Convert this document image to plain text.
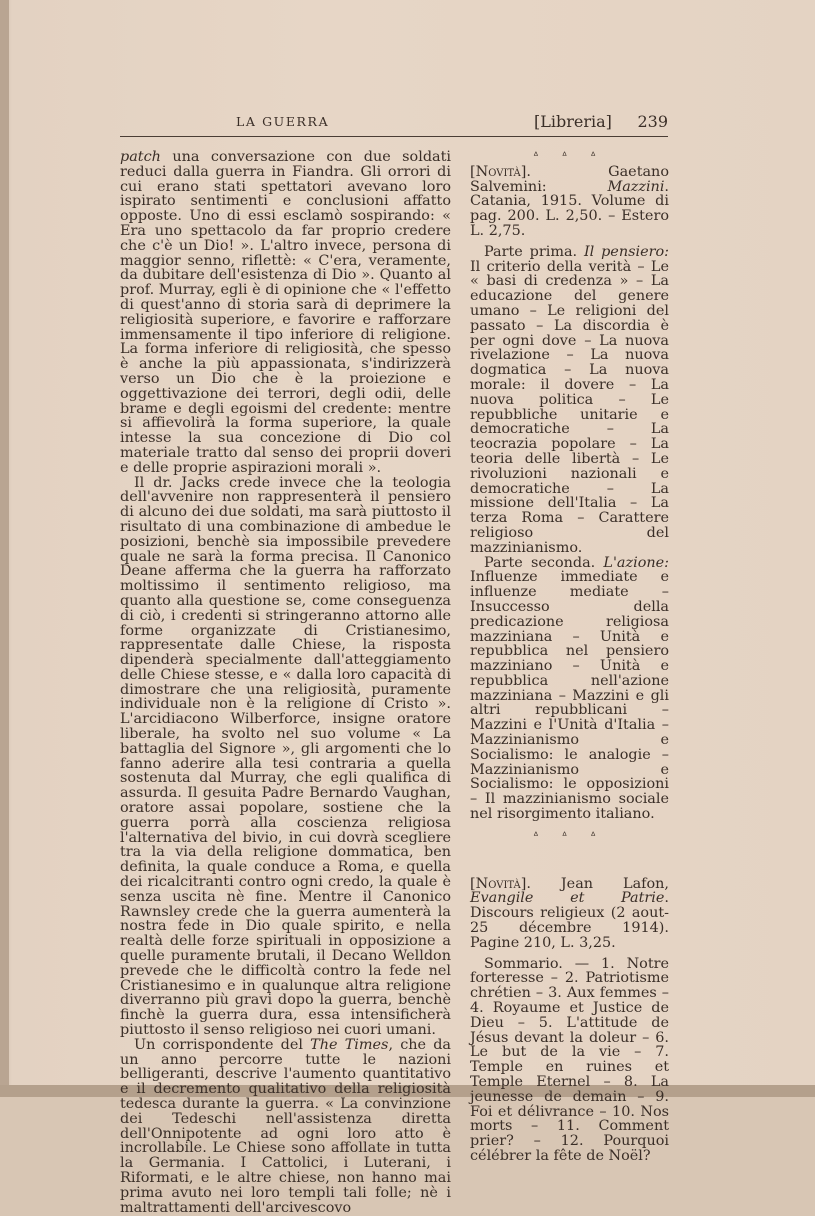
LA GUERRA	[Libreria] 239

patch una conversazione con due soldati reduci dalla guerra in Fiandra. Gli orrori di cui erano stati spettatori avevano loro ispirato sentimenti e conclusioni affatto opposte. Uno di essi esclamò sospirando: « Era uno spettacolo da far proprio credere che c'è un Dio! ». L'altro invece, persona di maggior senno, riflettè: « C'era, veramente, da dubitare dell'esistenza di Dio ». Quanto al prof. Murray, egli è di opinione che « l'effetto di quest'anno di storia sarà di deprimere la religiosità superiore, e favorire e rafforzare immensamente il tipo inferiore di religione. La forma inferiore di religiosità, che spesso è anche la più appassionata, s'indirizzerà verso un Dio che è la proiezione e oggettivazione dei terrori, degli odii, delle brame e degli egoismi del credente: mentre si affievolirà la forma superiore, la quale intesse la sua concezione di Dio col materiale tratto dal senso dei proprii doveri e delle proprie aspirazioni morali ».

Il dr. Jacks crede invece che la teologia dell'avvenire non rappresenterà il pensiero di alcuno dei due soldati, ma sarà piuttosto il risultato di una combinazione di ambedue le posizioni, benchè sia impossibile prevedere quale ne sarà la forma precisa. Il Canonico Deane afferma che la guerra ha rafforzato moltissimo il sentimento religioso, ma quanto alla questione se, come conseguenza di ciò, i credenti si stringeranno attorno alle forme organizzate di Cristianesimo, rappresentate dalle Chiese, la risposta dipenderà specialmente dall'atteggiamento delle Chiese stesse, e « dalla loro capacità di dimostrare che una religiosità, puramente individuale non è la religione di Cristo ». L'arcidiacono Wilberforce, insigne oratore liberale, ha svolto nel suo volume « La battaglia del Signore », gli argomenti che lo fanno aderire alla tesi contraria a quella sostenuta dal Murray, che egli qualifica di assurda. Il gesuita Padre Bernardo Vaughan, oratore assai popolare, sostiene che la guerra porrà alla coscienza religiosa l'alternativa del bivio, in cui dovrà scegliere tra la via della religione dommatica, ben definita, la quale conduce a Roma, e quella dei ricalcitranti contro ogni credo, la quale è senza uscita nè fine. Mentre il Canonico Rawnsley crede che la guerra aumenterà la nostra fede in Dio quale spirito, e nella realtà delle forze spirituali in opposizione a quelle puramente brutali, il Decano Welldon prevede che le difficoltà contro la fede nel Cristianesimo e in qualunque altra religione diverranno più gravi dopo la guerra, benchè finchè la guerra dura, essa intensificherà piuttosto il senso religioso nei cuori umani.

Un corrispondente del The Times, che da un anno percorre tutte le nazioni belligeranti, descrive l'aumento quantitativo e il decremento qualitativo della religiosità tedesca durante la guerra. « La convinzione dei Tedeschi nell'assistenza diretta dell'Onnipotente ad ogni loro atto è incrollabile. Le Chiese sono affollate in tutta la Germania. I Cattolici, i Luterani, i Riformati, e le altre chiese, non hanno mai prima avuto nei loro templi tali folle; nè i maltrattamenti dell'arcivescovo

ᐞ ᐞ ᐞ

[Novità]. Gaetano Salvemini: Mazzini. Catania, 1915. Volume di pag. 200. L. 2,50. – Estero L. 2,75.

Parte prima. Il pensiero: Il criterio della verità – Le « basi di credenza » – La educazione del genere umano – Le religioni del passato – La discordia è per ogni dove – La nuova rivelazione – La nuova dogmatica – La nuova morale: il dovere – La nuova politica – Le repubbliche unitarie e democratiche – La teocrazia popolare – La teoria delle libertà – Le rivoluzioni nazionali e democratiche – La missione dell'Italia – La terza Roma – Carattere religioso del mazzinianismo.

Parte seconda. L'azione: Influenze immediate e influenze mediate – Insuccesso della predicazione religiosa mazziniana – Unità e repubblica nel pensiero mazziniano – Unità e repubblica nell'azione mazziniana – Mazzini e gli altri repubblicani – Mazzini e l'Unità d'Italia – Mazzinianismo e Socialismo: le analogie – Mazzinianismo e Socialismo: le opposizioni – Il mazzinianismo sociale nel risorgimento italiano.

ᐞ ᐞ ᐞ

[Novità]. Jean Lafon, Evangile et Patrie. Discours religieux (2 aout-25 décembre 1914). Pagine 210, L. 3,25.

Sommario. — 1. Notre forteresse – 2. Patriotisme chrétien – 3. Aux femmes – 4. Royaume et Justice de Dieu – 5. L'attitude de Jésus devant la doleur – 6. Le but de la vie – 7. Temple en ruines et Temple Eternel – 8. La jeunesse de demain – 9. Foi et délivrance – 10. Nos morts – 11. Comment prier? – 12. Pourquoi célébrer la fête de Noël?
